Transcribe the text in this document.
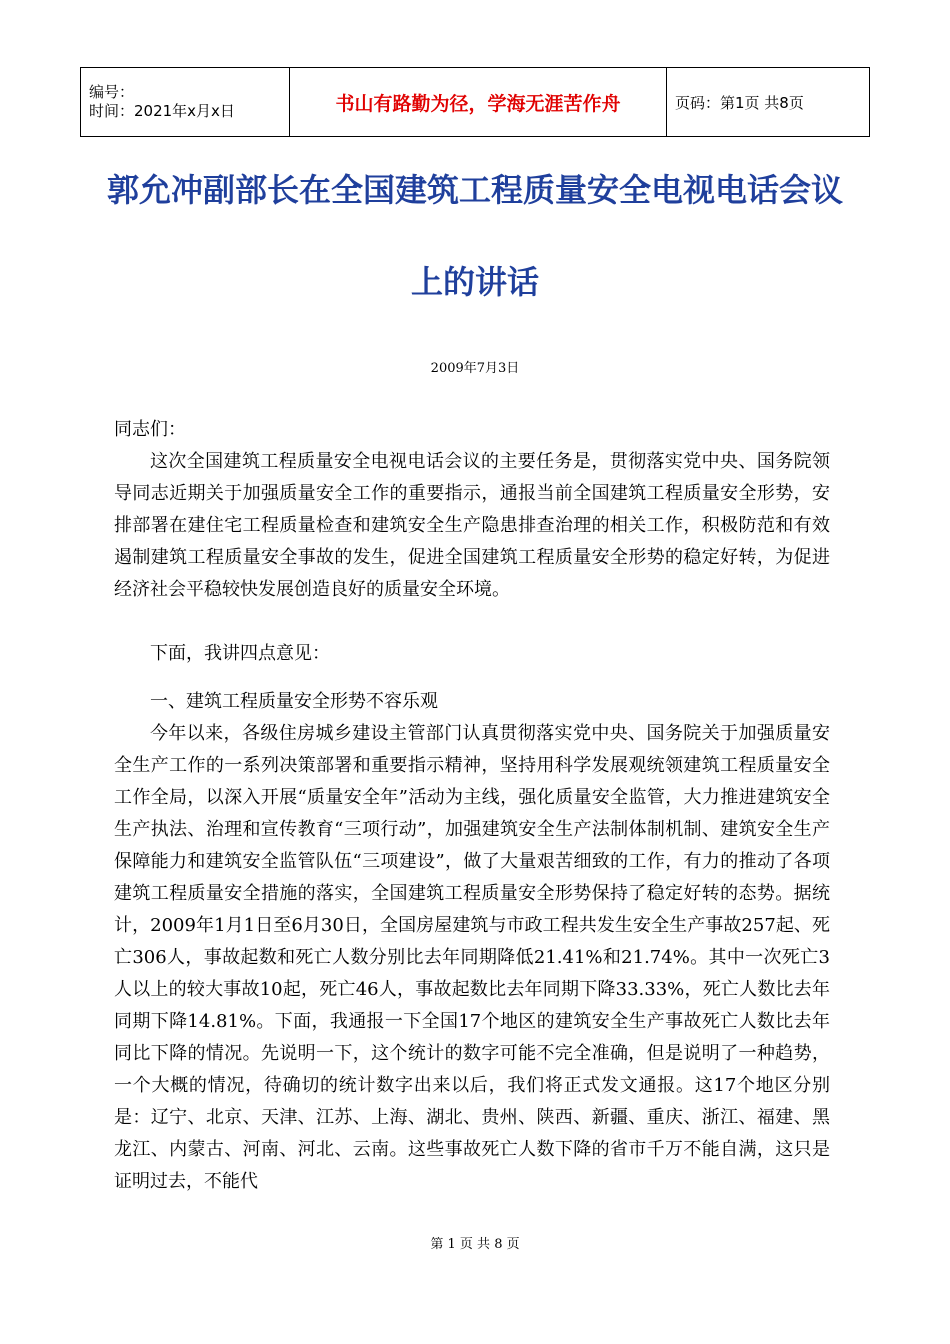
编号：
时间：2021年x月x日	书山有路勤为径，学海无涯苦作舟	页码：第1页 共8页
郭允冲副部长在全国建筑工程质量安全电视电话会议
上的讲话
2009年7月3日

同志们：

这次全国建筑工程质量安全电视电话会议的主要任务是，贯彻落实党中央、国务院领导同志近期关于加强质量安全工作的重要指示，通报当前全国建筑工程质量安全形势，安排部署在建住宅工程质量检查和建筑安全生产隐患排查治理的相关工作，积极防范和有效遏制建筑工程质量安全事故的发生，促进全国建筑工程质量安全形势的稳定好转，为促进经济社会平稳较快发展创造良好的质量安全环境。

下面，我讲四点意见：

一、建筑工程质量安全形势不容乐观

今年以来，各级住房城乡建设主管部门认真贯彻落实党中央、国务院关于加强质量安全生产工作的一系列决策部署和重要指示精神，坚持用科学发展观统领建筑工程质量安全工作全局，以深入开展“质量安全年”活动为主线，强化质量安全监管，大力推进建筑安全生产执法、治理和宣传教育“三项行动”，加强建筑安全生产法制体制机制、建筑安全生产保障能力和建筑安全监管队伍“三项建设”，做了大量艰苦细致的工作，有力的推动了各项建筑工程质量安全措施的落实，全国建筑工程质量安全形势保持了稳定好转的态势。据统计，2009年1月1日至6月30日，全国房屋建筑与市政工程共发生安全生产事故257起、死亡306人，事故起数和死亡人数分别比去年同期降低21.41%和21.74%。其中一次死亡3人以上的较大事故10起，死亡46人，事故起数比去年同期下降33.33%，死亡人数比去年同期下降14.81%。下面，我通报一下全国17个地区的建筑安全生产事故死亡人数比去年同比下降的情况。先说明一下，这个统计的数字可能不完全准确，但是说明了一种趋势，一个大概的情况，待确切的统计数字出来以后，我们将正式发文通报。这17个地区分别是：辽宁、北京、天津、江苏、上海、湖北、贵州、陕西、新疆、重庆、浙江、福建、黑龙江、内蒙古、河南、河北、云南。这些事故死亡人数下降的省市千万不能自满，这只是证明过去，不能代

第 1 页 共 8 页
